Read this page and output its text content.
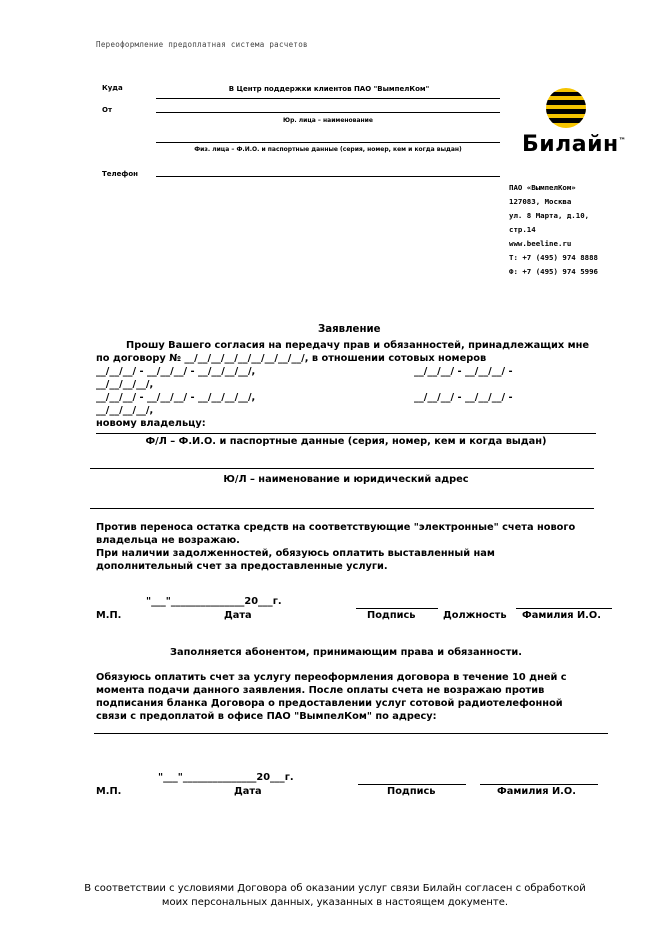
Переоформление предоплатная система расчетов
Куда	В Центр поддержки клиентов ПАО "ВымпелКом"
От
Юр. лица – наименование
Физ. лица – Ф.И.О. и паспортные данные (серия, номер, кем и когда выдан)
Телефон
Билайн™
ПАО «ВымпелКом»
127083, Москва
ул. 8 Марта, д.10,
стр.14
www.beeline.ru
Т: +7 (495) 974 8888
Ф: +7 (495) 974 5996
Заявление
Прошу Вашего согласия на передачу прав и обязанностей, принадлежащих мне
по договору № __/__/__/__/__/__/__/__/__/, в отношении сотовых номеров
__/__/__/ - __/__/__/ - __/__/__/__/,	__/__/__/ - __/__/__/ -
__/__/__/__/,
__/__/__/ - __/__/__/ - __/__/__/__/,	__/__/__/ - __/__/__/ -
__/__/__/__/,
новому владельцу:
Ф/Л – Ф.И.О. и паспортные данные (серия, номер, кем и когда выдан)
Ю/Л – наименование и юридический адрес
Против переноса остатка средств на соответствующие "электронные" счета нового
владельца не возражаю.
При наличии задолженностей, обязуюсь оплатить выставленный нам
дополнительный счет за предоставленные услуги.
"___"_______________20___г.
М.П.	Дата	Подпись	Должность Фамилия И.О.
Заполняется абонентом, принимающим права и обязанности.
Обязуюсь оплатить счет за услугу переоформления договора в течение 10 дней с
момента подачи данного заявления. После оплаты счета не возражаю против
подписания бланка Договора о предоставлении услуг сотовой радиотелефонной
связи с предоплатой в офисе ПАО "ВымпелКом" по адресу:
"___"_______________20___г.
М.П.	Дата	Подпись	Фамилия И.О.
В соответствии с условиями Договора об оказании услуг связи Билайн согласен с обработкой
моих персональных данных, указанных в настоящем документе.
